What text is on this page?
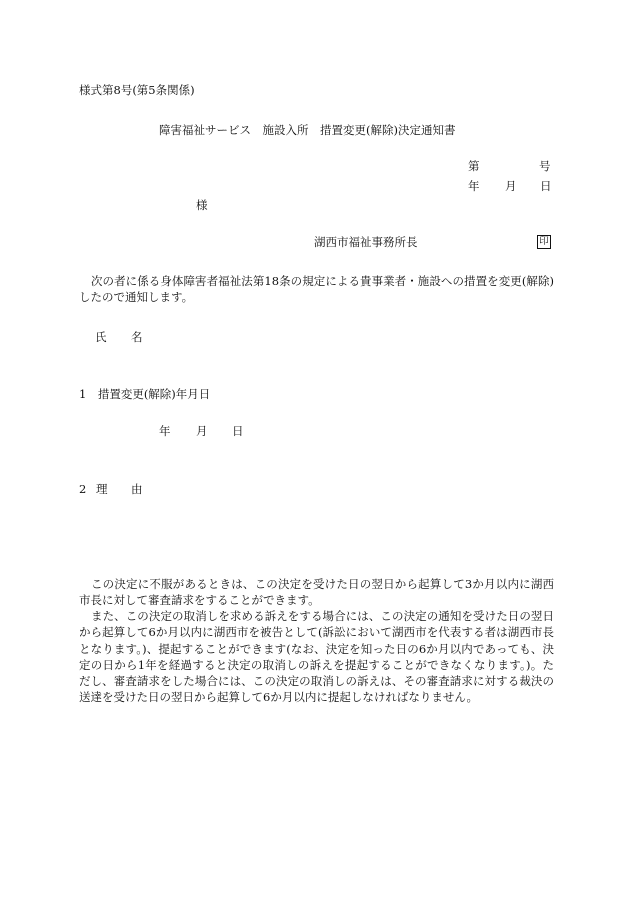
様式第8号(第5条関係)
障害福祉サービス　施設入所　措置変更(解除)決定通知書
第	号
年 月 日
様
湖西市福祉事務所長	印
次の者に係る身体障害者福祉法第18条の規定による貴事業者・施設への措置を変更(解除)したので通知します。
氏 名
1　措置変更(解除)年月日
年 月 日
2 理 由
この決定に不服があるときは、この決定を受けた日の翌日から起算して3か月以内に湖西市長に対して審査請求をすることができます。
また、この決定の取消しを求める訴えをする場合には、この決定の通知を受けた日の翌日から起算して6か月以内に湖西市を被告として(訴訟において湖西市を代表する者は湖西市長となります。)、提起することができます(なお、決定を知った日の6か月以内であっても、決定の日から1年を経過すると決定の取消しの訴えを提起することができなくなります。)。ただし、審査請求をした場合には、この決定の取消しの訴えは、その審査請求に対する裁決の送達を受けた日の翌日から起算して6か月以内に提起しなければなりません。
